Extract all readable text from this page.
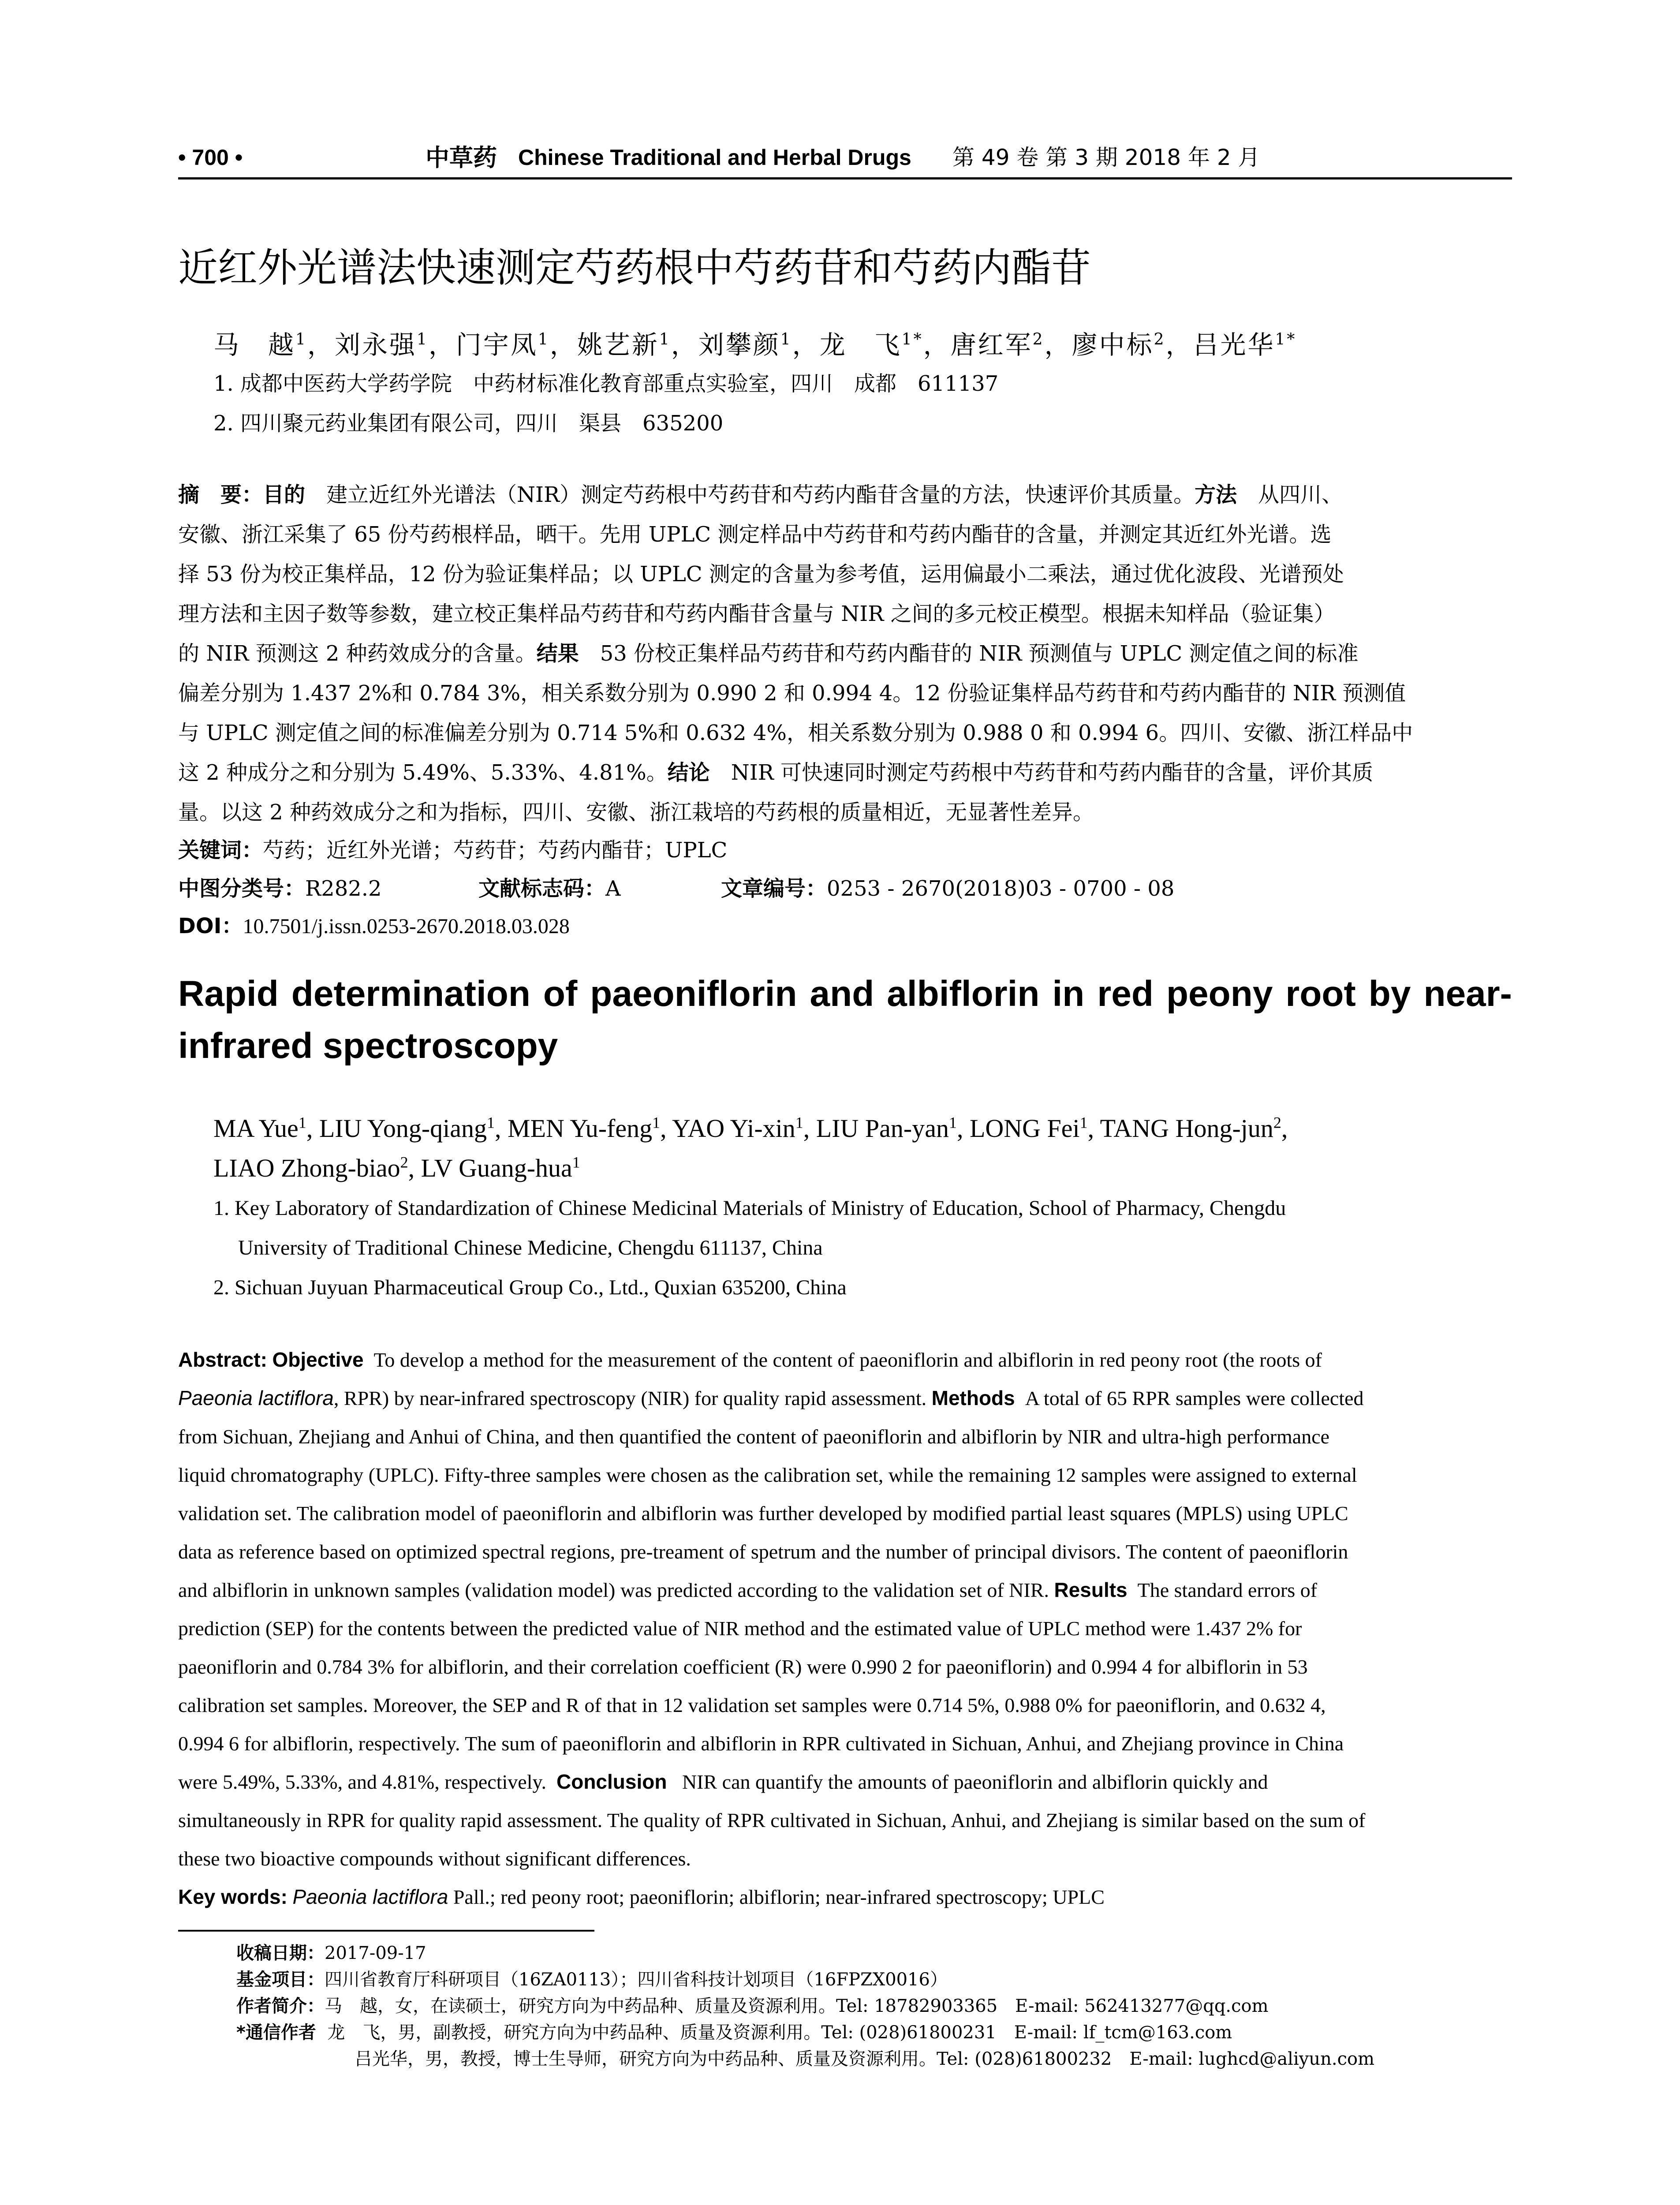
• 700 •	中草药 Chinese Traditional and Herbal Drugs 第 49 卷 第 3 期 2018 年 2 月
近红外光谱法快速测定芍药根中芍药苷和芍药内酯苷
马　越$^1$，刘永强$^1$，门宇凤$^1$，姚艺新$^1$，刘攀颜$^1$，龙　飞$^{1*}$，唐红军$^2$，廖中标$^2$，吕光华$^{1*}$
1. 成都中医药大学药学院　中药材标准化教育部重点实验室，四川　成都　611137
2. 四川聚元药业集团有限公司，四川　渠县　635200
摘　要：目的　建立近红外光谱法（NIR）测定芍药根中芍药苷和芍药内酯苷含量的方法，快速评价其质量。方法　从四川、
安徽、浙江采集了 65 份芍药根样品，晒干。先用 UPLC 测定样品中芍药苷和芍药内酯苷的含量，并测定其近红外光谱。选
择 53 份为校正集样品，12 份为验证集样品；以 UPLC 测定的含量为参考值，运用偏最小二乘法，通过优化波段、光谱预处
理方法和主因子数等参数，建立校正集样品芍药苷和芍药内酯苷含量与 NIR 之间的多元校正模型。根据未知样品（验证集）
的 NIR 预测这 2 种药效成分的含量。结果　53 份校正集样品芍药苷和芍药内酯苷的 NIR 预测值与 UPLC 测定值之间的标准
偏差分别为 1.437 2%和 0.784 3%，相关系数分别为 0.990 2 和 0.994 4。12 份验证集样品芍药苷和芍药内酯苷的 NIR 预测值
与 UPLC 测定值之间的标准偏差分别为 0.714 5%和 0.632 4%，相关系数分别为 0.988 0 和 0.994 6。四川、安徽、浙江样品中
这 2 种成分之和分别为 5.49%、5.33%、4.81%。结论　NIR 可快速同时测定芍药根中芍药苷和芍药内酯苷的含量，评价其质
量。以这 2 种药效成分之和为指标，四川、安徽、浙江栽培的芍药根的质量相近，无显著性差异。
关键词：芍药；近红外光谱；芍药苷；芍药内酯苷；UPLC
中图分类号：R282.2	文献标志码：A	文章编号：0253 - 2670(2018)03 - 0700 - 08
DOI：10.7501/j.issn.0253-2670.2018.03.028
Rapid determination of paeoniflorin and albiflorin in red peony root by near-infrared spectroscopy
MA Yue$^1$, LIU Yong-qiang$^1$, MEN Yu-feng$^1$, YAO Yi-xin$^1$, LIU Pan-yan$^1$, LONG Fei$^1$, TANG Hong-jun$^2$,
LIAO Zhong-biao$^2$, LV Guang-hua$^1$
1. Key Laboratory of Standardization of Chinese Medicinal Materials of Ministry of Education, School of Pharmacy, Chengdu
University of Traditional Chinese Medicine, Chengdu 611137, China
2. Sichuan Juyuan Pharmaceutical Group Co., Ltd., Quxian 635200, China
Abstract: Objective To develop a method for the measurement of the content of paeoniflorin and albiflorin in red peony root (the roots of
Paeonia lactiflora, RPR) by near-infrared spectroscopy (NIR) for quality rapid assessment. Methods A total of 65 RPR samples were collected
from Sichuan, Zhejiang and Anhui of China, and then quantified the content of paeoniflorin and albiflorin by NIR and ultra-high performance
liquid chromatography (UPLC). Fifty-three samples were chosen as the calibration set, while the remaining 12 samples were assigned to external
validation set. The calibration model of paeoniflorin and albiflorin was further developed by modified partial least squares (MPLS) using UPLC
data as reference based on optimized spectral regions, pre-treament of spetrum and the number of principal divisors. The content of paeoniflorin
and albiflorin in unknown samples (validation model) was predicted according to the validation set of NIR. Results The standard errors of
prediction (SEP) for the contents between the predicted value of NIR method and the estimated value of UPLC method were 1.437 2% for
paeoniflorin and 0.784 3% for albiflorin, and their correlation coefficient (R) were 0.990 2 for paeoniflorin) and 0.994 4 for albiflorin in 53
calibration set samples. Moreover, the SEP and R of that in 12 validation set samples were 0.714 5%, 0.988 0% for paeoniflorin, and 0.632 4,
0.994 6 for albiflorin, respectively. The sum of paeoniflorin and albiflorin in RPR cultivated in Sichuan, Anhui, and Zhejiang province in China
were 5.49%, 5.33%, and 4.81%, respectively. Conclusion NIR can quantify the amounts of paeoniflorin and albiflorin quickly and
simultaneously in RPR for quality rapid assessment. The quality of RPR cultivated in Sichuan, Anhui, and Zhejiang is similar based on the sum of
these two bioactive compounds without significant differences.
Key words: Paeonia lactiflora Pall.; red peony root; paeoniflorin; albiflorin; near-infrared spectroscopy; UPLC
收稿日期：2017-09-17
基金项目：四川省教育厅科研项目（16ZA0113）；四川省科技计划项目（16FPZX0016）
作者简介：马　越，女，在读硕士，研究方向为中药品种、质量及资源利用。Tel: 18782903365　E-mail: 562413277@qq.com
*通信作者 龙　飞，男，副教授，研究方向为中药品种、质量及资源利用。Tel: (028)61800231　E-mail: lf_tcm@163.com
吕光华，男，教授，博士生导师，研究方向为中药品种、质量及资源利用。Tel: (028)61800232　E-mail: lughcd@aliyun.com
